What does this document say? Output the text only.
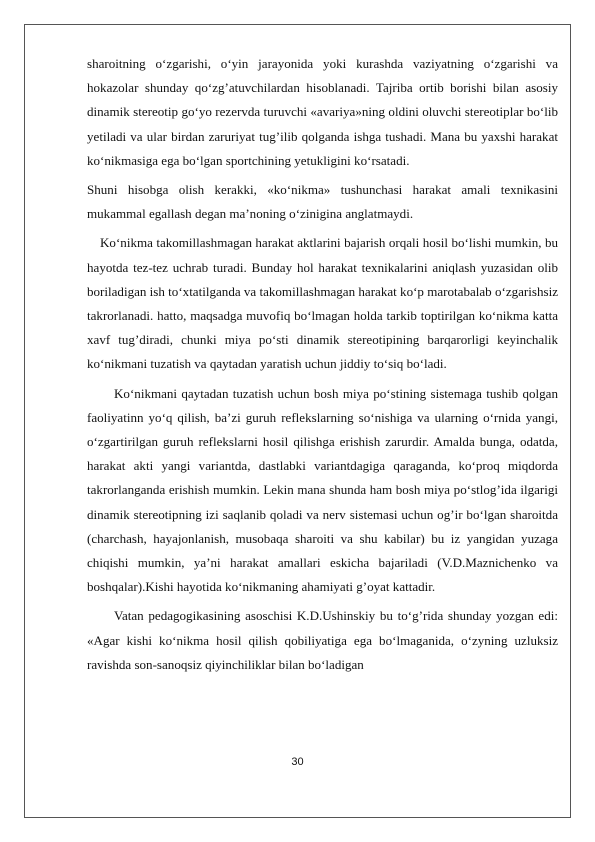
sharoitning o‘zgarishi, o‘yin jarayonida yoki kurashda vaziyatning o‘zgarishi va hokazolar shunday qo‘zg’atuvchilardan hisoblanadi. Tajriba ortib borishi bilan asosiy dinamik stereotip go‘yo rezervda turuvchi «avariya»ning oldini oluvchi stereotiplar bo‘lib yetiladi va ular birdan zaruriyat tug’ilib qolganda ishga tushadi. Mana bu yaxshi harakat ko‘nikmasiga ega bo‘lgan sportchining yetukligini ko‘rsatadi.

Shuni hisobga olish kerakki, «ko‘nikma» tushunchasi harakat amali texnikasini mukammal egallash degan ma’noning o‘zinigina anglatmaydi.

Ko‘nikma takomillashmagan harakat aktlarini bajarish orqali hosil bo‘lishi mumkin, bu hayotda tez-tez uchrab turadi. Bunday hol harakat texnikalarini aniqlash yuzasidan olib boriladigan ish to‘xtatilganda va takomillashmagan harakat ko‘p marotabalab o‘zgarishsiz takrorlanadi. hatto, maqsadga muvofiq bo‘lmagan holda tarkib toptirilgan ko‘nikma katta xavf tug’diradi, chunki miya po‘sti dinamik stereotipining barqarorligi keyinchalik ko‘nikmani tuzatish va qaytadan yaratish uchun jiddiy to‘siq bo‘ladi.

Ko‘nikmani qaytadan tuzatish uchun bosh miya po‘stining sistemaga tushib qolgan faoliyatinn yo‘q qilish, ba’zi guruh reflekslarning so‘nishiga va ularning o‘rnida yangi, o‘zgartirilgan guruh reflekslarni hosil qilishga erishish zarurdir. Amalda bunga, odatda, harakat akti yangi variantda, dastlabki variantdagiga qaraganda, ko‘proq miqdorda takrorlanganda erishish mumkin. Lekin mana shunda ham bosh miya po‘stlog’ida ilgarigi dinamik stereotipning izi saqlanib qoladi va nerv sistemasi uchun og’ir bo‘lgan sharoitda (charchash, hayajonlanish, musobaqa sharoiti va shu kabilar) bu iz yangidan yuzaga chiqishi mumkin, ya’ni harakat amallari eskicha bajariladi (V.D.Maznichenko va boshqalar).Kishi hayotida ko‘nikmaning ahamiyati g’oyat kattadir.

Vatan pedagogikasining asoschisi K.D.Ushinskiy bu to‘g’rida shunday yozgan edi: «Agar kishi ko‘nikma hosil qilish qobiliyatiga ega bo‘lmaganida, o‘zyning uzluksiz ravishda son-sanoqsiz qiyinchiliklar bilan bo‘ladigan

30
